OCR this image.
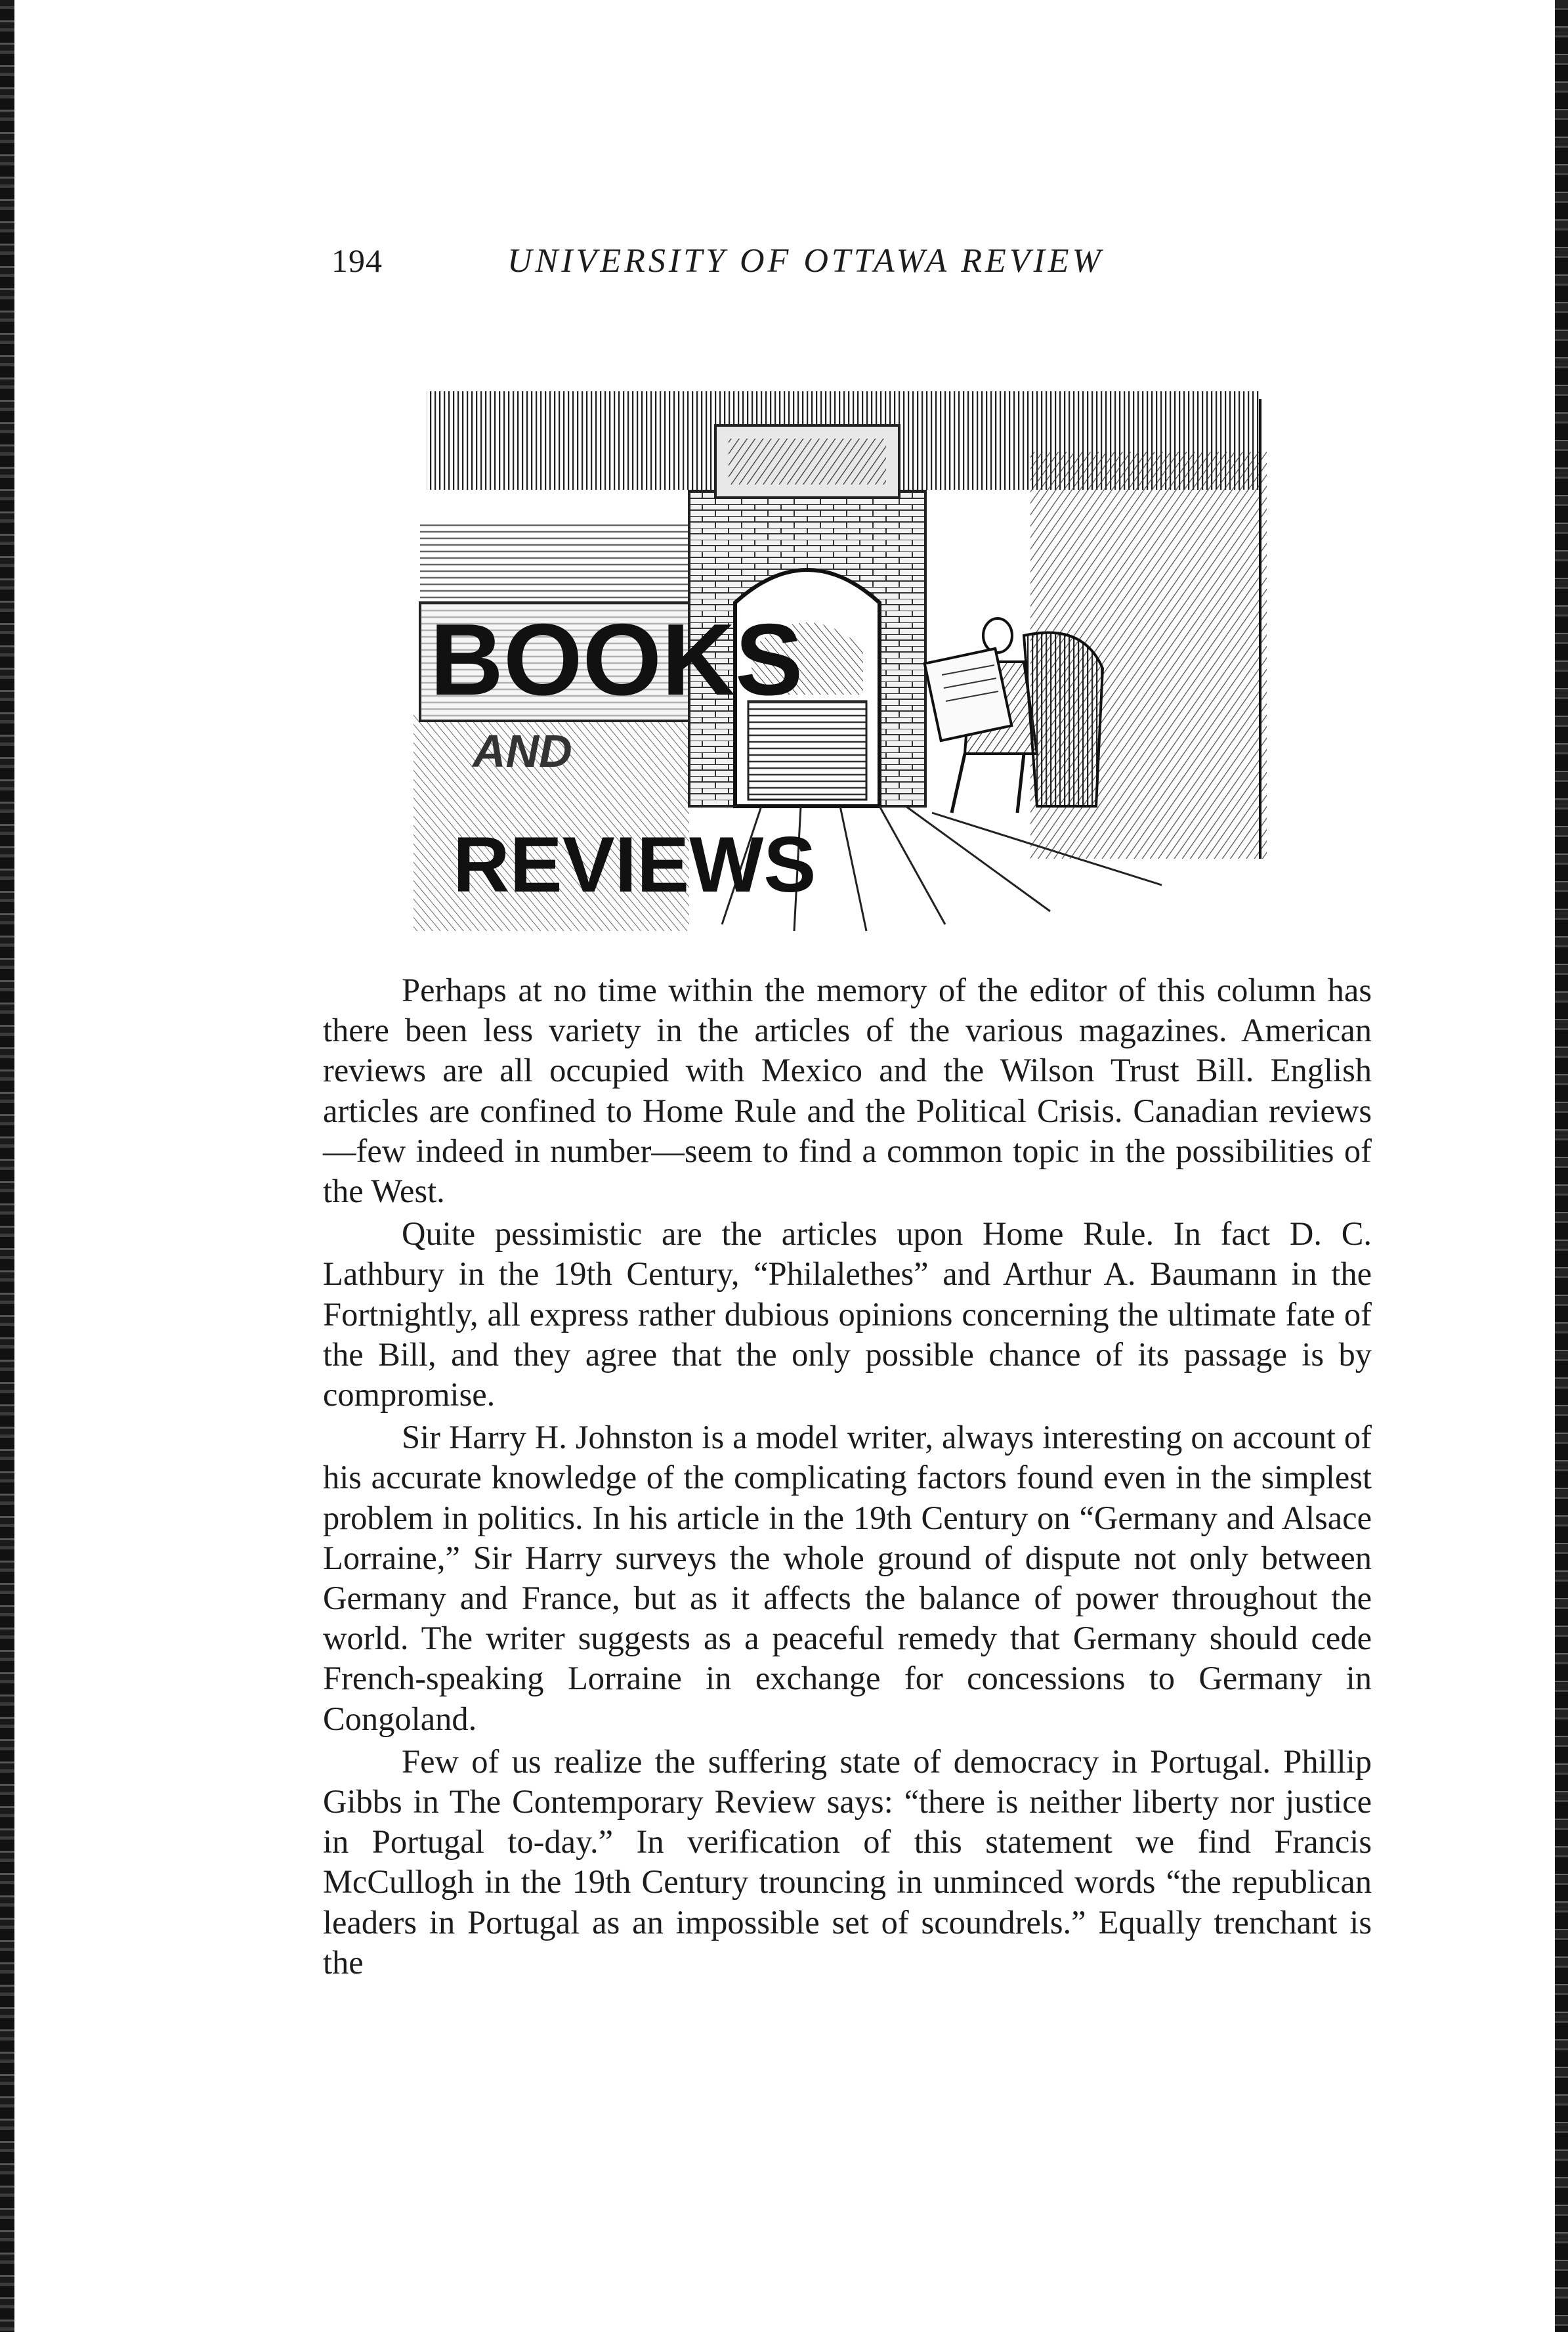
194	UNIVERSITY OF OTTAWA REVIEW
BOOKS
AND
REVIEWS

Perhaps at no time within the memory of the editor of this column has there been less variety in the articles of the various magazines. American reviews are all occupied with Mexico and the Wilson Trust Bill. English articles are confined to Home Rule and the Political Crisis. Canadian reviews—few indeed in number—seem to find a common topic in the possibilities of the West.

Quite pessimistic are the articles upon Home Rule. In fact D. C. Lathbury in the 19th Century, “Philalethes” and Arthur A. Baumann in the Fortnightly, all express rather dubious opinions concerning the ultimate fate of the Bill, and they agree that the only possible chance of its passage is by compromise.

Sir Harry H. Johnston is a model writer, always interesting on account of his accurate knowledge of the complicating factors found even in the simplest problem in politics. In his article in the 19th Century on “Germany and Alsace Lorraine,” Sir Harry surveys the whole ground of dispute not only between Germany and France, but as it affects the balance of power throughout the world. The writer suggests as a peaceful remedy that Germany should cede French-speaking Lorraine in exchange for concessions to Germany in Congoland.

Few of us realize the suffering state of democracy in Portugal. Phillip Gibbs in The Contemporary Review says: “there is neither liberty nor justice in Portugal to-day.” In verification of this statement we find Francis McCullogh in the 19th Century trouncing in unminced words “the republican leaders in Portugal as an impossible set of scoundrels.” Equally trenchant is the
